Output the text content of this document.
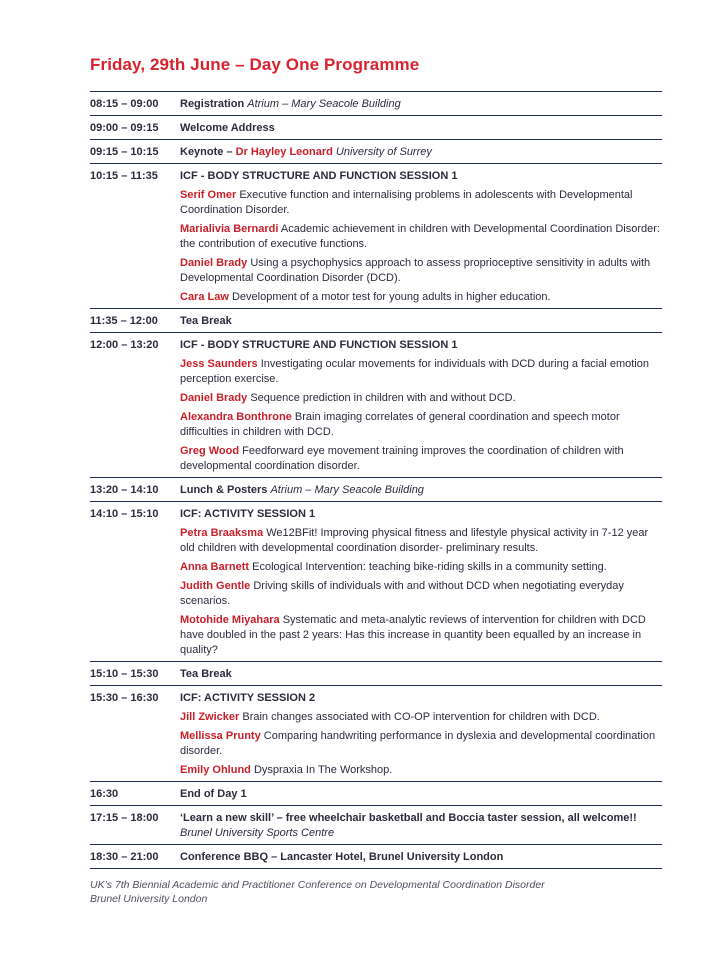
Friday, 29th June – Day One Programme
08:15 – 09:00	Registration Atrium – Mary Seacole Building
09:00 – 09:15	Welcome Address
09:15 – 10:15	Keynote – Dr Hayley Leonard University of Surrey
10:15 – 11:35	ICF - BODY STRUCTURE AND FUNCTION SESSION 1
Serif Omer Executive function and internalising problems in adolescents with Developmental Coordination Disorder.
Marialivia Bernardi Academic achievement in children with Developmental Coordination Disorder: the contribution of executive functions.
Daniel Brady Using a psychophysics approach to assess proprioceptive sensitivity in adults with Developmental Coordination Disorder (DCD).
Cara Law Development of a motor test for young adults in higher education.
11:35 – 12:00	Tea Break
12:00 – 13:20	ICF - BODY STRUCTURE AND FUNCTION SESSION 1
Jess Saunders Investigating ocular movements for individuals with DCD during a facial emotion perception exercise.
Daniel Brady Sequence prediction in children with and without DCD.
Alexandra Bonthrone Brain imaging correlates of general coordination and speech motor difficulties in children with DCD.
Greg Wood Feedforward eye movement training improves the coordination of children with developmental coordination disorder.
13:20 – 14:10	Lunch & Posters Atrium – Mary Seacole Building
14:10 – 15:10	ICF: ACTIVITY SESSION 1
Petra Braaksma We12BFit! Improving physical fitness and lifestyle physical activity in 7-12 year old children with developmental coordination disorder- preliminary results.
Anna Barnett Ecological Intervention: teaching bike-riding skills in a community setting.
Judith Gentle Driving skills of individuals with and without DCD when negotiating everyday scenarios.
Motohide Miyahara Systematic and meta-analytic reviews of intervention for children with DCD have doubled in the past 2 years: Has this increase in quantity been equalled by an increase in quality?
15:10 – 15:30	Tea Break
15:30 – 16:30	ICF: ACTIVITY SESSION 2
Jill Zwicker Brain changes associated with CO-OP intervention for children with DCD.
Mellissa Prunty Comparing handwriting performance in dyslexia and developmental coordination disorder.
Emily Ohlund Dyspraxia In The Workshop.
16:30	End of Day 1
17:15 – 18:00	‘Learn a new skill’ – free wheelchair basketball and Boccia taster session, all welcome!!
Brunel University Sports Centre
18:30 – 21:00	Conference BBQ – Lancaster Hotel, Brunel University London
UK’s 7th Biennial Academic and Practitioner Conference on Developmental Coordination Disorder
Brunel University London
